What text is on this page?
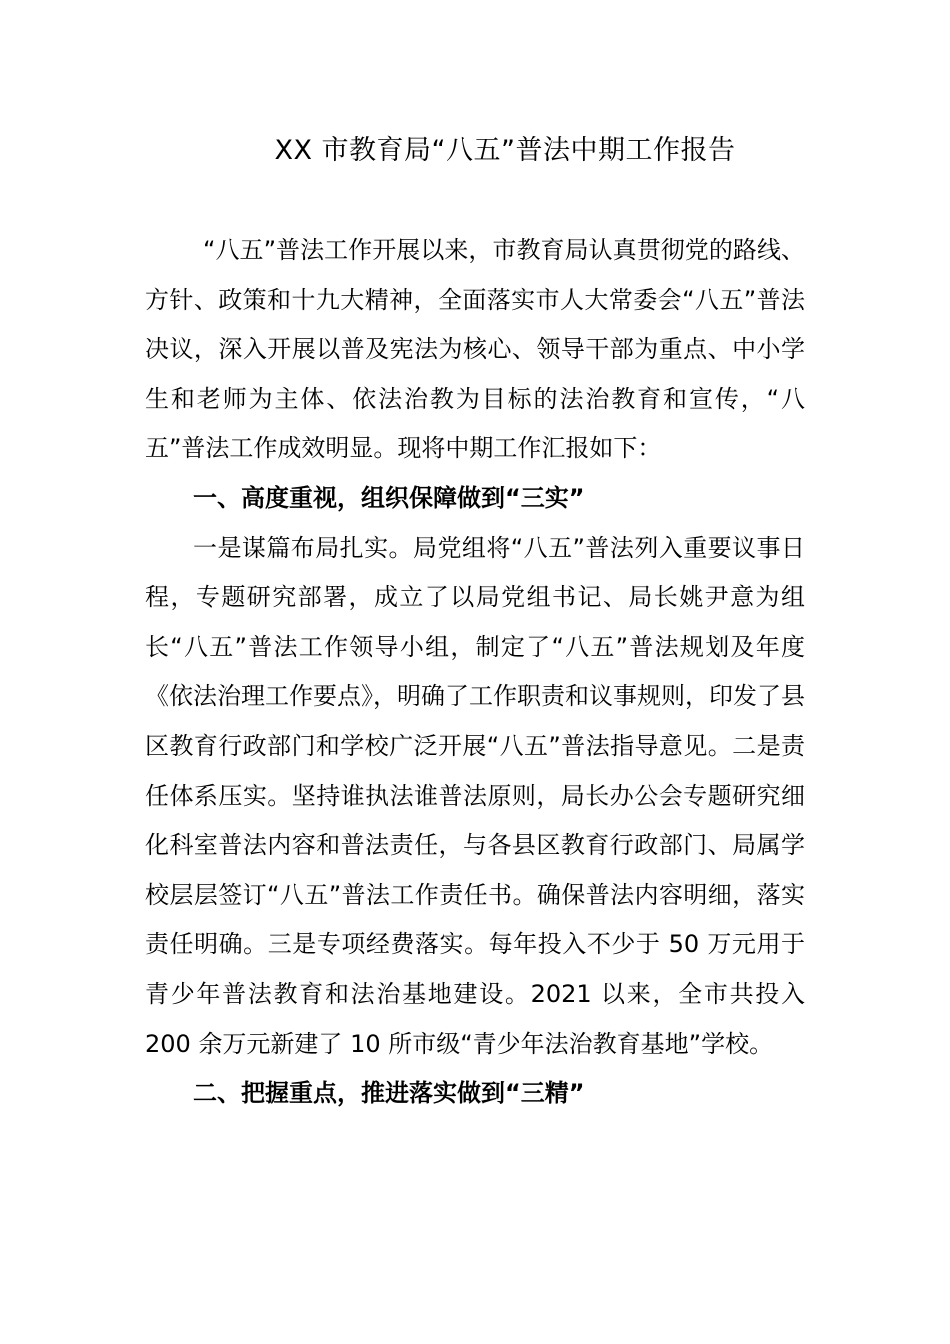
XX 市教育局“八五”普法中期工作报告

“八五”普法工作开展以来，市教育局认真贯彻党的路线、方针、政策和十九大精神，全面落实市人大常委会“八五”普法决议，深入开展以普及宪法为核心、领导干部为重点、中小学生和老师为主体、依法治教为目标的法治教育和宣传，“八五”普法工作成效明显。现将中期工作汇报如下：

一、高度重视，组织保障做到“三实”

一是谋篇布局扎实。局党组将“八五”普法列入重要议事日程，专题研究部署，成立了以局党组书记、局长姚尹意为组长“八五”普法工作领导小组，制定了“八五”普法规划及年度《依法治理工作要点》，明确了工作职责和议事规则，印发了县区教育行政部门和学校广泛开展“八五”普法指导意见。二是责任体系压实。坚持谁执法谁普法原则，局长办公会专题研究细化科室普法内容和普法责任，与各县区教育行政部门、局属学校层层签订“八五”普法工作责任书。确保普法内容明细，落实责任明确。三是专项经费落实。每年投入不少于 50 万元用于青少年普法教育和法治基地建设。2021 以来，全市共投入 200 余万元新建了 10 所市级“青少年法治教育基地”学校。

二、把握重点，推进落实做到“三精”
